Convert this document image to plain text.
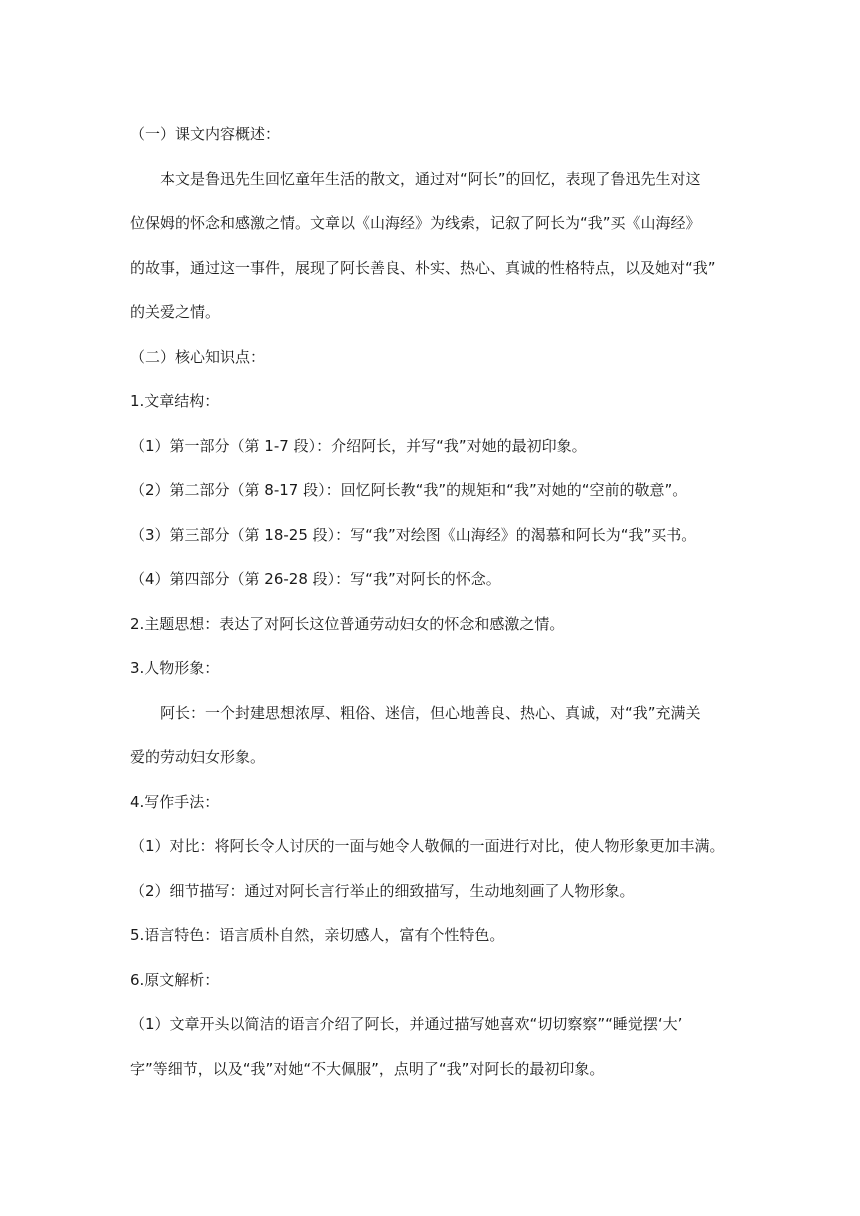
（一）课文内容概述：
本文是鲁迅先生回忆童年生活的散文，通过对“阿长”的回忆，表现了鲁迅先生对这
位保姆的怀念和感激之情。文章以《山海经》为线索，记叙了阿长为“我”买《山海经》
的故事，通过这一事件，展现了阿长善良、朴实、热心、真诚的性格特点，以及她对“我”
的关爱之情。
（二）核心知识点：
1.文章结构：
（1）第一部分（第 1-7 段）：介绍阿长，并写“我”对她的最初印象。
（2）第二部分（第 8-17 段）：回忆阿长教“我”的规矩和“我”对她的“空前的敬意”。
（3）第三部分（第 18-25 段）：写“我”对绘图《山海经》的渴慕和阿长为“我”买书。
（4）第四部分（第 26-28 段）：写“我”对阿长的怀念。
2.主题思想：表达了对阿长这位普通劳动妇女的怀念和感激之情。
3.人物形象：
阿长：一个封建思想浓厚、粗俗、迷信，但心地善良、热心、真诚，对“我”充满关
爱的劳动妇女形象。
4.写作手法：
（1）对比：将阿长令人讨厌的一面与她令人敬佩的一面进行对比，使人物形象更加丰满。
（2）细节描写：通过对阿长言行举止的细致描写，生动地刻画了人物形象。
5.语言特色：语言质朴自然，亲切感人，富有个性特色。
6.原文解析：
（1）文章开头以简洁的语言介绍了阿长，并通过描写她喜欢“切切察察”“睡觉摆‘大’
字”等细节，以及“我”对她“不大佩服”，点明了“我”对阿长的最初印象。
